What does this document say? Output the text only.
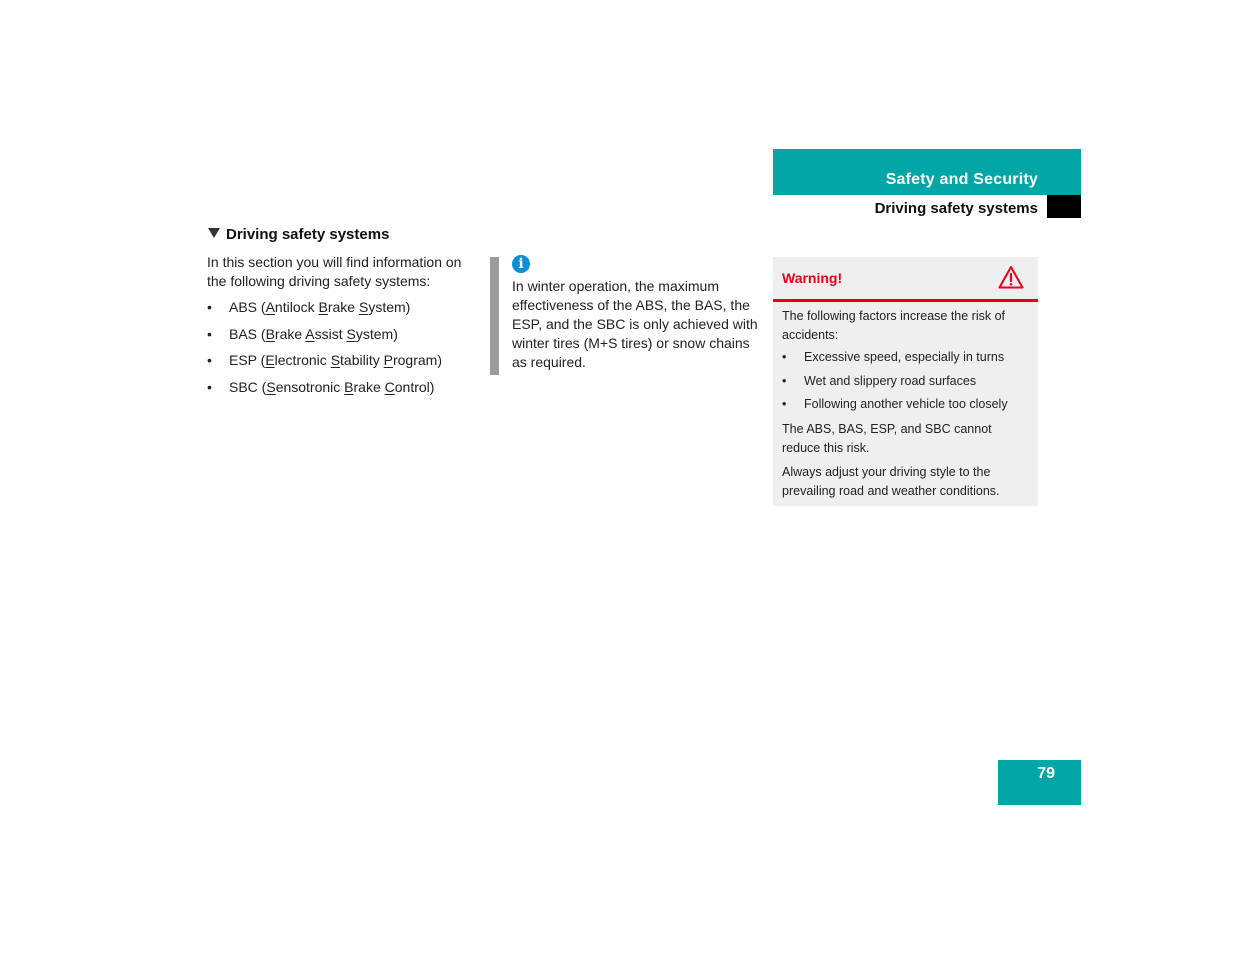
Safety and Security
Driving safety systems
Driving safety systems
In this section you will find information on the following driving safety systems:
• ABS (Antilock Brake System)
• BAS (Brake Assist System)
• ESP (Electronic Stability Program)
• SBC (Sensotronic Brake Control)
i
In winter operation, the maximum effectiveness of the ABS, the BAS, the ESP, and the SBC is only achieved with winter tires (M+S tires) or snow chains as required.
Warning!
The following factors increase the risk of accidents:
• Excessive speed, especially in turns
• Wet and slippery road surfaces
• Following another vehicle too closely
The ABS, BAS, ESP, and SBC cannot reduce this risk.
Always adjust your driving style to the prevailing road and weather conditions.
79
